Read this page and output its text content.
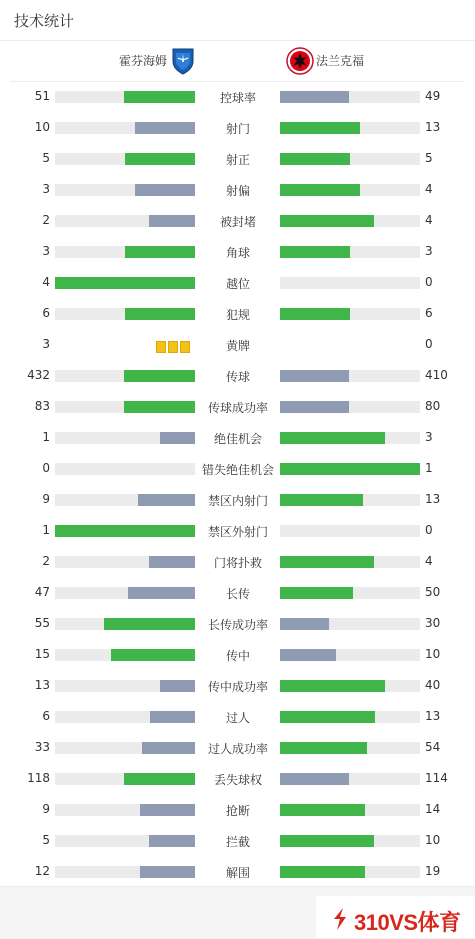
技术统计
霍芬海姆	法兰克福
51	控球率	49
10	射门	13
5	射正	5
3	射偏	4
2	被封堵	4
3	角球	3
4	越位	0
6	犯规	6
3	黄牌	0
432	传球	410
83	传球成功率	80
1	绝佳机会	3
0	错失绝佳机会	1
9	禁区内射门	13
1	禁区外射门	0
2	门将扑救	4
47	长传	50
55	长传成功率	30
15	传中	10
13	传中成功率	40
6	过人	13
33	过人成功率	54
118	丢失球权	114
9	抢断	14
5	拦截	10
12	解围	19
310VS体育
